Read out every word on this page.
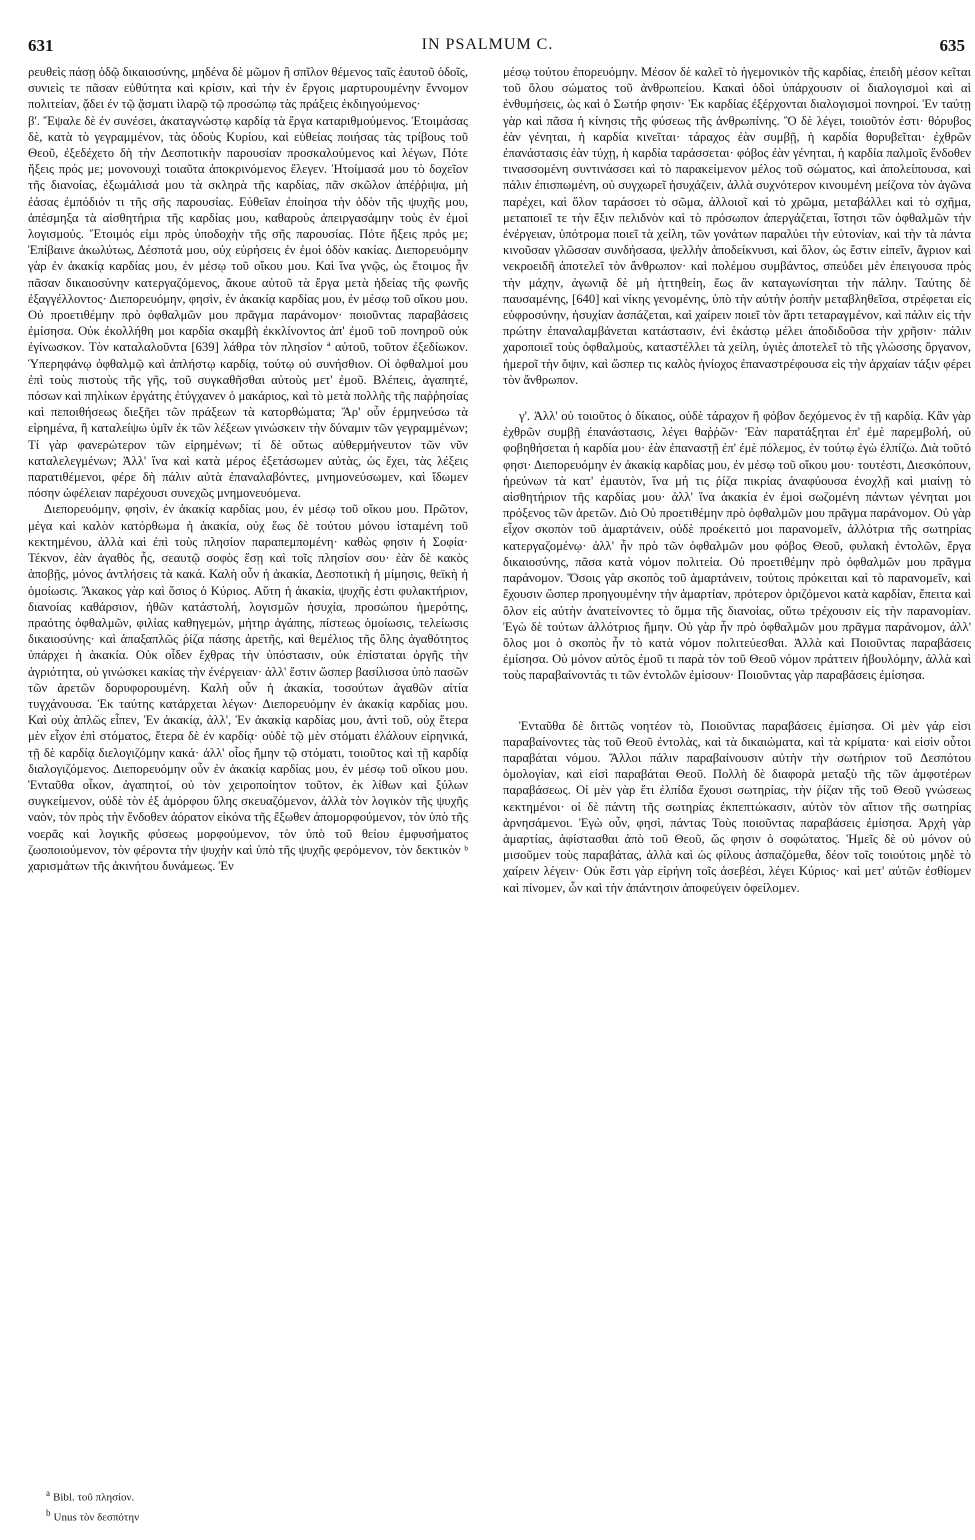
631	IN PSALMUM C.	635

ρευθεὶς πάσῃ ὁδῷ δικαιοσύνης, μηδένα δὲ μῶμον ἢ σπῖλον θέμενος ταῖς ἑαυτοῦ ὁδοῖς, συνιεὶς τε πᾶσαν εὐθύτητα καὶ κρίσιν, καὶ τὴν ἐν ἔργοις μαρτυρουμένην ἔννομον πολιτείαν, ᾄδει ἐν τῷ ᾄσματι ἱλαρῷ τῷ προσώπῳ τὰς πράξεις ἐκδιηγούμενος·

β'. Ἔψαλε δὲ ἐν συνέσει, ἀκαταγνώστῳ καρδίᾳ τὰ ἔργα καταριθμούμενος. Ἑτοιμάσας δὲ, κατὰ τὸ γεγραμμένον, τὰς ὁδοὺς Κυρίου, καὶ εὐθείας ποιήσας τὰς τρίβους τοῦ Θεοῦ, ἐξεδέχετο δὴ τὴν Δεσποτικὴν παρουσίαν προσκαλούμενος καὶ λέγων, Πότε ἥξεις πρός με; μονονουχὶ τοιαῦτα ἀποκρινόμενος ἔλεγεν. Ἡτοίμασά μου τὸ δοχεῖον τῆς διανοίας, ἐξωμάλισά μου τὰ σκληρὰ τῆς καρδίας, πᾶν σκῶλον ἀπέῤῥιψα, μὴ ἐάσας ἐμπόδιόν τι τῆς σῆς παρουσίας. Εὐθεῖαν ἐποίησα τὴν ὁδὸν τῆς ψυχῆς μου, ἀπέσμηξα τὰ αἰσθητήρια τῆς καρδίας μου, καθαροὺς ἀπειργασάμην τοὺς ἐν ἐμοὶ λογισμούς. Ἕτοιμός εἰμι πρὸς ὑποδοχὴν τῆς σῆς παρουσίας. Πότε ἥξεις πρός με; Ἐπίβαινε ἀκωλύτως, Δέσποτά μου, οὐχ εὑρήσεις ἐν ἐμοὶ ὁδὸν κακίας. Διεπορευόμην γὰρ ἐν ἀκακίᾳ καρδίας μου, ἐν μέσῳ τοῦ οἴκου μου. Καὶ ἵνα γνῷς, ὡς ἕτοιμος ἦν πᾶσαν δικαιοσύνην κατεργαζόμενος, ἄκουε αὐτοῦ τὰ ἔργα μετὰ ἡδείας τῆς φωνῆς ἐξαγγέλλοντος· Διεπορευόμην, φησὶν, ἐν ἀκακίᾳ καρδίας μου, ἐν μέσῳ τοῦ οἴκου μου. Οὐ προετιθέμην πρὸ ὀφθαλμῶν μου πρᾶγμα παράνομον· ποιοῦντας παραβάσεις ἐμίσησα. Οὐκ ἐκολλήθη μοι καρδία σκαμβὴ ἐκκλίνοντος ἀπ' ἐμοῦ τοῦ πονηροῦ οὐκ ἐγίνωσκον. Τὸν καταλαλοῦντα [639] λάθρα τὸν πλησίον ª αὐτοῦ, τοῦτον ἐξεδίωκον. Ὑπερηφάνῳ ὀφθαλμῷ καὶ ἀπλήστῳ καρδίᾳ, τούτῳ οὐ συνήσθιον. Οἱ ὀφθαλμοί μου ἐπὶ τοὺς πιστοὺς τῆς γῆς, τοῦ συγκαθῆσθαι αὐτοὺς μετ' ἐμοῦ. Βλέπεις, ἀγαπητέ, πόσων καὶ πηλίκων ἐργάτης ἐτύγχανεν ὁ μακάριος, καὶ τὸ μετὰ πολλῆς τῆς παῤῥησίας καὶ πεποιθήσεως διεξῆει τῶν πράξεων τὰ κατορθώματα; Ἄρ' οὖν ἑρμηνεύσω τὰ εἰρημένα, ἢ καταλείψω ὑμῖν ἐκ τῶν λέξεων γινώσκειν τὴν δύναμιν τῶν γεγραμμένων; Τί γὰρ φανερώτερον τῶν εἰρημένων; τί δὲ οὕτως αὐθερμήνευτον τῶν νῦν καταλελεγμένων; Ἀλλ' ἵνα καὶ κατὰ μέρος ἐξετάσωμεν αὐτὰς, ὡς ἔχει, τὰς λέξεις παρατιθέμενοι, φέρε δὴ πάλιν αὐτὰ ἐπαναλαβόντες, μνημονεύσωμεν, καὶ ἴδωμεν πόσην ὠφέλειαν παρέχουσι συνεχῶς μνημονευόμενα.

Διεπορευόμην, φησὶν, ἐν ἀκακίᾳ καρδίας μου, ἐν μέσῳ τοῦ οἴκου μου. Πρῶτον, μέγα καὶ καλὸν κατόρθωμα ἡ ἀκακία, οὐχ ἕως δὲ τούτου μόνου ἱσταμένη τοῦ κεκτημένου, ἀλλὰ καὶ ἐπὶ τοὺς πλησίον παραπεμπομένη· καθὼς φησιν ἡ Σοφία· Τέκνον, ἐὰν ἀγαθὸς ἦς, σεαυτῷ σοφὸς ἔσῃ καὶ τοῖς πλησίον σου· ἐὰν δὲ κακὸς ἀποβῇς, μόνος ἀντλήσεις τὰ κακά. Καλὴ οὖν ἡ ἀκακία, Δεσποτικὴ ἡ μίμησις, θεϊκὴ ἡ ὁμοίωσις. Ἄκακος γὰρ καὶ ὅσιος ὁ Κύριος. Αὕτη ἡ ἀκακία, ψυχῆς ἐστι φυλακτήριον, διανοίας καθάρσιον, ἠθῶν κατάστολή, λογισμῶν ἡσυχία, προσώπου ἡμερότης, πραότης ὀφθαλμῶν, φιλίας καθηγεμών, μήτηρ ἀγάπης, πίστεως ὁμοίωσις, τελείωσις δικαιοσύνης· καὶ ἁπαξαπλῶς ῥίζα πάσης ἀρετῆς, καὶ θεμέλιος τῆς ὅλης ἀγαθότητος ὑπάρχει ἡ ἀκακία. Οὐκ οἶδεν ἔχθρας τὴν ὑπόστασιν, οὐκ ἐπίσταται ὀργῆς τὴν ἀγριότητα, οὐ γινώσκει κακίας τὴν ἐνέργειαν· ἀλλ' ἔστιν ὥσπερ βασίλισσα ὑπὸ πασῶν τῶν ἀρετῶν δορυφορουμένη. Καλὴ οὖν ἡ ἀκακία, τοσούτων ἀγαθῶν αἰτία τυγχάνουσα. Ἐκ ταύτης κατάρχεται λέγων· Διεπορευόμην ἐν ἀκακίᾳ καρδίας μου. Καὶ οὐχ ἁπλῶς εἶπεν, Ἐν ἀκακίᾳ, ἀλλ', Ἐν ἀκακίᾳ καρδίας μου, ἀντὶ τοῦ, οὐχ ἕτερα μὲν εἶχον ἐπὶ στόματος, ἕτερα δὲ ἐν καρδίᾳ· οὐδὲ τῷ μὲν στόματι ἐλάλουν εἰρηνικά, τῇ δὲ καρδίᾳ διελογιζόμην κακά· ἀλλ' οἷος ἤμην τῷ στόματι, τοιοῦτος καὶ τῇ καρδίᾳ διαλογιζόμενος. Διεπορευόμην οὖν ἐν ἀκακίᾳ καρδίας μου, ἐν μέσῳ τοῦ οἴκου μου. Ἐνταῦθα οἶκον, ἀγαπητοί, οὐ τὸν χειροποίητον τοῦτον, ἐκ λίθων καὶ ξύλων συγκείμενον, οὐδὲ τὸν ἐξ ἀμόρφου ὕλης σκευαζόμενον, ἀλλὰ τὸν λογικὸν τῆς ψυχῆς ναὸν, τὸν πρὸς τὴν ἔνδοθεν ἀόρατον εἰκόνα τῆς ἔξωθεν ἀπομορφούμενον, τὸν ὑπὸ τῆς νοερᾶς καὶ λογικῆς φύσεως μορφούμενον, τὸν ὑπὸ τοῦ θείου ἐμφυσήματος ζωοποιούμενον, τὸν φέροντα τὴν ψυχὴν καὶ ὑπὸ τῆς ψυχῆς φερόμενον, τὸν δεκτικὸν ᵇ χαρισμάτων τῆς ἀκινήτου δυνάμεως. Ἐν

μέσῳ τούτου ἐπορευόμην. Μέσον δὲ καλεῖ τὸ ἡγεμονικὸν τῆς καρδίας, ἐπειδὴ μέσον κεῖται τοῦ ὅλου σώματος τοῦ ἀνθρωπείου. Κακαὶ ὁδοὶ ὑπάρχουσιν οἱ διαλογισμοὶ καὶ αἱ ἐνθυμήσεις, ὡς καὶ ὁ Σωτήρ φησιν· Ἐκ καρδίας ἐξέρχονται διαλογισμοὶ πονηροί. Ἐν ταύτῃ γὰρ καὶ πᾶσα ἡ κίνησις τῆς φύσεως τῆς ἀνθρωπίνης. Ὃ δὲ λέγει, τοιοῦτόν ἐστι· θόρυβος ἐὰν γένηται, ἡ καρδία κινεῖται· τάραχος ἐὰν συμβῇ, ἡ καρδία θορυβεῖται· ἐχθρῶν ἐπανάστασις ἐὰν τύχῃ, ἡ καρδία ταράσσεται· φόβος ἐὰν γένηται, ἡ καρδία παλμοῖς ἔνδοθεν τινασσομένη συντινάσσει καὶ τὸ παρακείμενον μέλος τοῦ σώματος, καὶ ἀπολείπουσα, καὶ πάλιν ἐπισπωμένη, οὐ συγχωρεῖ ἡσυχάζειν, ἀλλὰ συχνότερον κινουμένη μείζονα τὸν ἀγῶνα παρέχει, καὶ ὅλον ταράσσει τὸ σῶμα, ἀλλοιοῖ καὶ τὸ χρῶμα, μεταβάλλει καὶ τὸ σχῆμα, μεταποιεῖ τε τὴν ἕξιν πελιδνὸν καὶ τὸ πρόσωπον ἀπεργάζεται, ἵστησι τῶν ὀφθαλμῶν τὴν ἐνέργειαν, ὑπότρομα ποιεῖ τὰ χείλη, τῶν γονάτων παραλύει τὴν εὐτονίαν, καὶ τὴν τὰ πάντα κινοῦσαν γλῶσσαν συνδήσασα, ψελλὴν ἀποδείκνυσι, καὶ ὅλον, ὡς ἔστιν εἰπεῖν, ἄγριον καὶ νεκροειδῆ ἀποτελεῖ τὸν ἄνθρωπον· καὶ πολέμου συμβάντος, σπεύδει μὲν ἐπειγουσα πρὸς τὴν μάχην, ἀγωνιᾷ δὲ μὴ ἡττηθείη, ἕως ἂν καταγωνίσηται τὴν πάλην. Ταύτης δὲ παυσαμένης, [640] καὶ νίκης γενομένης, ὑπὸ τὴν αὐτὴν ῥοπὴν μεταβληθεῖσα, στρέφεται εἰς εὐφροσύνην, ἡσυχίαν ἀσπάζεται, καὶ χαίρειν ποιεῖ τὸν ἄρτι τεταραγμένον, καὶ πάλιν εἰς τὴν πρώτην ἐπαναλαμβάνεται κατάστασιν, ἐνὶ ἑκάστῳ μέλει ἀποδιδοῦσα τὴν χρῆσιν· πάλιν χαροποιεῖ τοὺς ὀφθαλμοὺς, καταστέλλει τὰ χείλη, ὑγιὲς ἀποτελεῖ τὸ τῆς γλώσσης ὄργανον, ἡμεροῖ τὴν ὄψιν, καὶ ὥσπερ τις καλὸς ἡνίοχος ἐπαναστρέφουσα εἰς τὴν ἀρχαίαν τάξιν φέρει τὸν ἄνθρωπον.

γ'. Ἀλλ' οὐ τοιοῦτος ὁ δίκαιος, οὐδὲ τάραχον ἢ φόβον δεχόμενος ἐν τῇ καρδίᾳ. Κἂν γὰρ ἐχθρῶν συμβῇ ἐπανάστασις, λέγει θαῤῥῶν· Ἐὰν παρατάξηται ἐπ' ἐμὲ παρεμβολή, οὐ φοβηθήσεται ἡ καρδία μου· ἐὰν ἐπαναστῇ ἐπ' ἐμὲ πόλεμος, ἐν τούτῳ ἐγὼ ἐλπίζω. Διὰ τοῦτό φησι· Διεπορευόμην ἐν ἀκακίᾳ καρδίας μου, ἐν μέσῳ τοῦ οἴκου μου· τουτέστι, Διεσκόπουν, ἠρεύνων τὰ κατ' ἐμαυτὸν, ἵνα μή τις ῥίζα πικρίας ἀναφύουσα ἐνοχλῇ καὶ μιαίνῃ τὸ αἰσθητήριον τῆς καρδίας μου· ἀλλ' ἵνα ἀκακία ἐν ἐμοὶ σωζομένη πάντων γένηται μοι πρόξενος τῶν ἀρετῶν. Διὸ Οὐ προετιθέμην πρὸ ὀφθαλμῶν μου πρᾶγμα παράνομον. Οὐ γὰρ εἶχον σκοπὸν τοῦ ἁμαρτάνειν, οὐδὲ προέκειτό μοι παρανομεῖν, ἀλλότρια τῆς σωτηρίας κατεργαζομένῳ· ἀλλ' ἦν πρὸ τῶν ὀφθαλμῶν μου φόβος Θεοῦ, φυλακὴ ἐντολῶν, ἔργα δικαιοσύνης, πᾶσα κατὰ νόμον πολιτεία. Οὐ προετιθέμην πρὸ ὀφθαλμῶν μου πρᾶγμα παράνομον. Ὅσοις γὰρ σκοπὸς τοῦ ἁμαρτάνειν, τούτοις πρόκειται καὶ τὸ παρανομεῖν, καὶ ἔχουσιν ὥσπερ προηγουμένην τὴν ἁμαρτίαν, πρότερον ὁριζόμενοι κατὰ καρδίαν, ἔπειτα καὶ ὅλον εἰς αὐτὴν ἀνατείνοντες τὸ ὄμμα τῆς διανοίας, οὕτω τρέχουσιν εἰς τὴν παρανομίαν. Ἐγὼ δὲ τούτων ἀλλότριος ἤμην. Οὐ γὰρ ἦν πρὸ ὀφθαλμῶν μου πρᾶγμα παράνομον, ἀλλ' ὅλος μοι ὁ σκοπὸς ἦν τὸ κατὰ νόμον πολιτεύεσθαι. Ἀλλὰ καὶ Ποιοῦντας παραβάσεις ἐμίσησα. Οὐ μόνον αὐτὸς ἐμοῦ τι παρὰ τὸν τοῦ Θεοῦ νόμον πράττειν ἠβουλόμην, ἀλλὰ καὶ τοὺς παραβαίνοντάς τι τῶν ἐντολῶν ἐμίσουν· Ποιοῦντας γὰρ παραβάσεις ἐμίσησα.

Ἐνταῦθα δὲ διττῶς νοητέον τὸ, Ποιοῦντας παραβάσεις ἐμίσησα. Οἱ μὲν γάρ εἰσι παραβαίνοντες τὰς τοῦ Θεοῦ ἐντολὰς, καὶ τὰ δικαιώματα, καὶ τὰ κρίματα· καὶ εἰσὶν οὗτοι παραβάται νόμου. Ἄλλοι πάλιν παραβαίνουσιν αὐτὴν τὴν σωτήριον τοῦ Δεσπότου ὁμολογίαν, καὶ εἰσὶ παραβάται Θεοῦ. Πολλὴ δὲ διαφορὰ μεταξὺ τῆς τῶν ἀμφοτέρων παραβάσεως. Οἱ μὲν γὰρ ἔτι ἐλπίδα ἔχουσι σωτηρίας, τὴν ῥίζαν τῆς τοῦ Θεοῦ γνώσεως κεκτημένοι· οἱ δὲ πάντη τῆς σωτηρίας ἐκπεπτώκασιν, αὐτὸν τὸν αἴτιον τῆς σωτηρίας ἀρνησάμενοι. Ἐγὼ οὖν, φησὶ, πάντας Τοὺς ποιοῦντας παραβάσεις ἐμίσησα. Ἀρχὴ γὰρ ἁμαρτίας, ἀφίστασθαι ἀπὸ τοῦ Θεοῦ, ὥς φησιν ὁ σοφώτατος. Ἡμεῖς δὲ οὐ μόνον οὐ μισοῦμεν τοὺς παραβάτας, ἀλλὰ καὶ ὡς φίλους ἀσπαζόμεθα, δέον τοῖς τοιούτοις μηδὲ τὸ χαίρειν λέγειν· Οὐκ ἔστι γὰρ εἰρήνη τοῖς ἀσεβέσι, λέγει Κύριος· καὶ μετ' αὐτῶν ἐσθίομεν καὶ πίνομεν, ὧν καὶ τὴν ἀπάντησιν ἀποφεύγειν ὀφείλομεν.

$^a$ Bibl. τοῦ πλησίον.
$^b$ Unus τὸν δεσπότην
